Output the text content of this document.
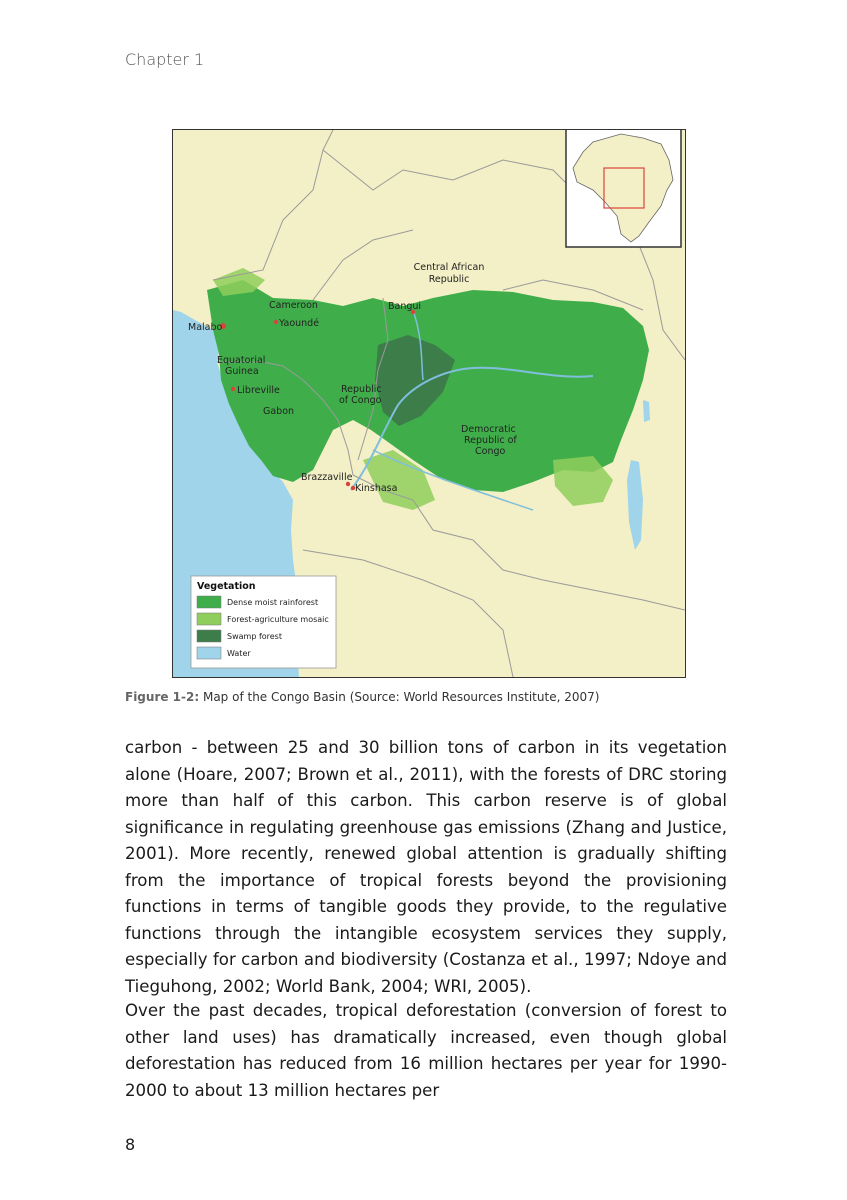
Chapter 1
Central African Republic
Cameroon	Bangui
Yaoundé
Malabo
Equatorial Guinea
Libreville
Gabon
Republic of Congo
Democratic Republic of Congo
Brazzaville
Kinshasa
Vegetation
Dense moist rainforest
Forest-agriculture mosaic
Swamp forest
Water
Figure 1-2: Map of the Congo Basin (Source: World Resources Institute, 2007)
carbon - between 25 and 30 billion tons of carbon in its vegetation alone (Hoare, 2007; Brown et al., 2011), with the forests of DRC storing more than half of this carbon. This carbon reserve is of global significance in regulating greenhouse gas emissions (Zhang and Justice, 2001). More recently, renewed global attention is gradually shifting from the importance of tropical forests beyond the provisioning functions in terms of tangible goods they provide, to the regulative functions through the intangible ecosystem services they supply, especially for carbon and biodiversity (Costanza et al., 1997; Ndoye and Tieguhong, 2002; World Bank, 2004; WRI, 2005).
Over the past decades, tropical deforestation (conversion of forest to other land uses) has dramatically increased, even though global deforestation has reduced from 16 million hectares per year for 1990-2000 to about 13 million hectares per
8
